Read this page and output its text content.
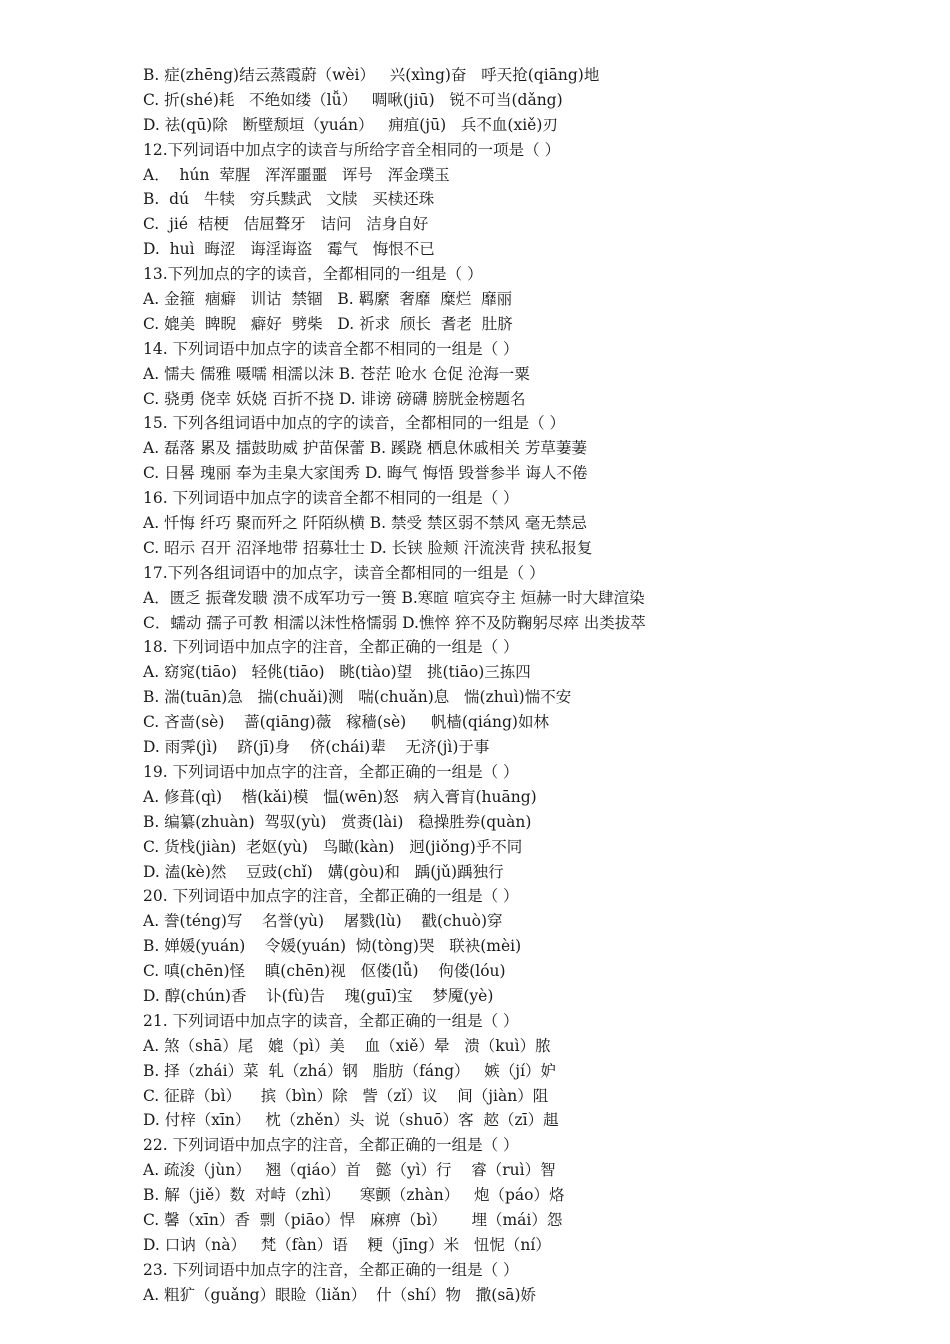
B. 症(zhēng)结云蒸霞蔚（wèi）   兴(xìng)奋   呼天抢(qiāng)地
C. 折(shé)耗   不绝如缕（lǚ）   啁啾(jiū)   锐不可当(dǎng)
D. 祛(qū)除   断壁颓垣（yuán）   痈疽(jū)   兵不血(xiě)刃
12.下列词语中加点字的读音与所给字音全相同的一项是（ ）
A．  hún  荤腥   浑浑噩噩   诨号   浑金璞玉
B.  dú   牛犊   穷兵黩武   文牍   买椟还珠
C.  jié  桔梗   佶屈聱牙   诘问   洁身自好
D.  huì  晦涩   诲淫诲盗   霉气   悔恨不已
13.下列加点的字的读音，全都相同的一组是（ ）
A. 金箍  痼癖   训诂  禁锢   B. 羁縻  奢靡  糜烂  靡丽
C. 媲美  睥睨   癖好  劈柴   D. 祈求  颀长  耆老  肚脐
14. 下列词语中加点字的读音全都不相同的一组是（ ）
A. 懦夫 儒雅 嗫嚅 相濡以沫 B. 苍茫 呛水 仓促 沧海一粟
C. 骁勇 侥幸 妖娆 百折不挠 D. 诽谤 磅礴 膀胱金榜题名
15. 下列各组词语中加点的字的读音，全都相同的一组是（ ）
A. 磊落 累及 擂鼓助威 护苗保蕾 B. 蹊跷 栖息休戚相关 芳草萋萋
C. 日晷 瑰丽 奉为圭臬大家闺秀 D. 晦气 悔悟 毁誉参半 诲人不倦
16. 下列词语中加点字的读音全都不相同的一组是（ ）
A. 忏悔 纤巧 聚而歼之 阡陌纵横 B. 禁受 禁区弱不禁风 毫无禁忌
C. 昭示 召开 沼泽地带 招募壮士 D. 长铗 脸颊 汗流浃背 挟私报复
17.下列各组词语中的加点字，读音全都相同的一组是（ ）
A．匮乏 振聋发聩 溃不成军功亏一篑 B.寒暄 喧宾夺主 烜赫一时大肆渲染
C．蠕动 孺子可教 相濡以沫性格懦弱 D.憔悴 猝不及防鞠躬尽瘁 出类拔萃
18. 下列词语中加点字的注音，全都正确的一组是（ ）
A. 窈窕(tiāo)   轻佻(tiāo)   眺(tiào)望   挑(tiāo)三拣四
B. 湍(tuān)急   揣(chuǎi)测   喘(chuǎn)息   惴(zhuì)惴不安
C. 吝啬(sè)    蔷(qiāng)薇   稼穑(sè)     帆樯(qiáng)如林
D. 雨霁(jì)    跻(jī)身    侪(chái)辈    无济(jì)于事
19. 下列词语中加点字的注音，全都正确的一组是（ ）
A. 修葺(qì)    楷(kǎi)模   愠(wēn)怒   病入膏肓(huāng)
B. 编纂(zhuàn)  驾驭(yù)   赏赉(lài)   稳操胜券(quàn)
C. 货栈(jiàn)  老妪(yù)   鸟瞰(kàn)   迥(jiǒng)乎不同
D. 溘(kè)然    豆豉(chǐ)   媾(gòu)和   踽(jǔ)踽独行
20. 下列词语中加点字的注音，全都正确的一组是（ ）
A. 誊(téng)写    名誉(yù)    屠戮(lù)    戳(chuò)穿
B. 婵媛(yuán)    令媛(yuán)  恸(tòng)哭   联袂(mèi)
C. 嗔(chēn)怪    瞋(chēn)视   伛偻(lǚ)    佝偻(lóu)
D. 醇(chún)香    讣(fù)告    瑰(guī)宝    梦魇(yè)
21. 下列词语中加点字的读音，全都正确的一组是（ ）
A. 煞（shā）尾   媲（pì）美    血（xiě）晕   溃（kuì）脓
B. 择（zhái）菜  轧（zhá）钢   脂肪（fáng）   嫉（jí）妒
C. 征辟（bì）    摈（bìn）除   訾（zǐ）议    间（jiàn）阻
D. 付梓（xīn）   枕（zhěn）头  说（shuō）客  趑（zī）趄
22. 下列词语中加点字的注音，全都正确的一组是（ ）
A. 疏浚（jùn）   翘（qiáo）首   懿（yì）行    睿（ruì）智
B. 解（jiě）数  对峙（zhì）    寒颤（zhàn）   炮（páo）烙
C. 馨（xīn）香  剽（piāo）悍   麻痹（bì）     埋（mái）怨
D. 口讷（nà）   梵（fàn）语    粳（jīng）米   忸怩（ní）
23. 下列词语中加点字的注音，全都正确的一组是（ ）
A. 粗犷（guǎng）眼睑（liǎn）  什（shí）物   撒(sā)娇
